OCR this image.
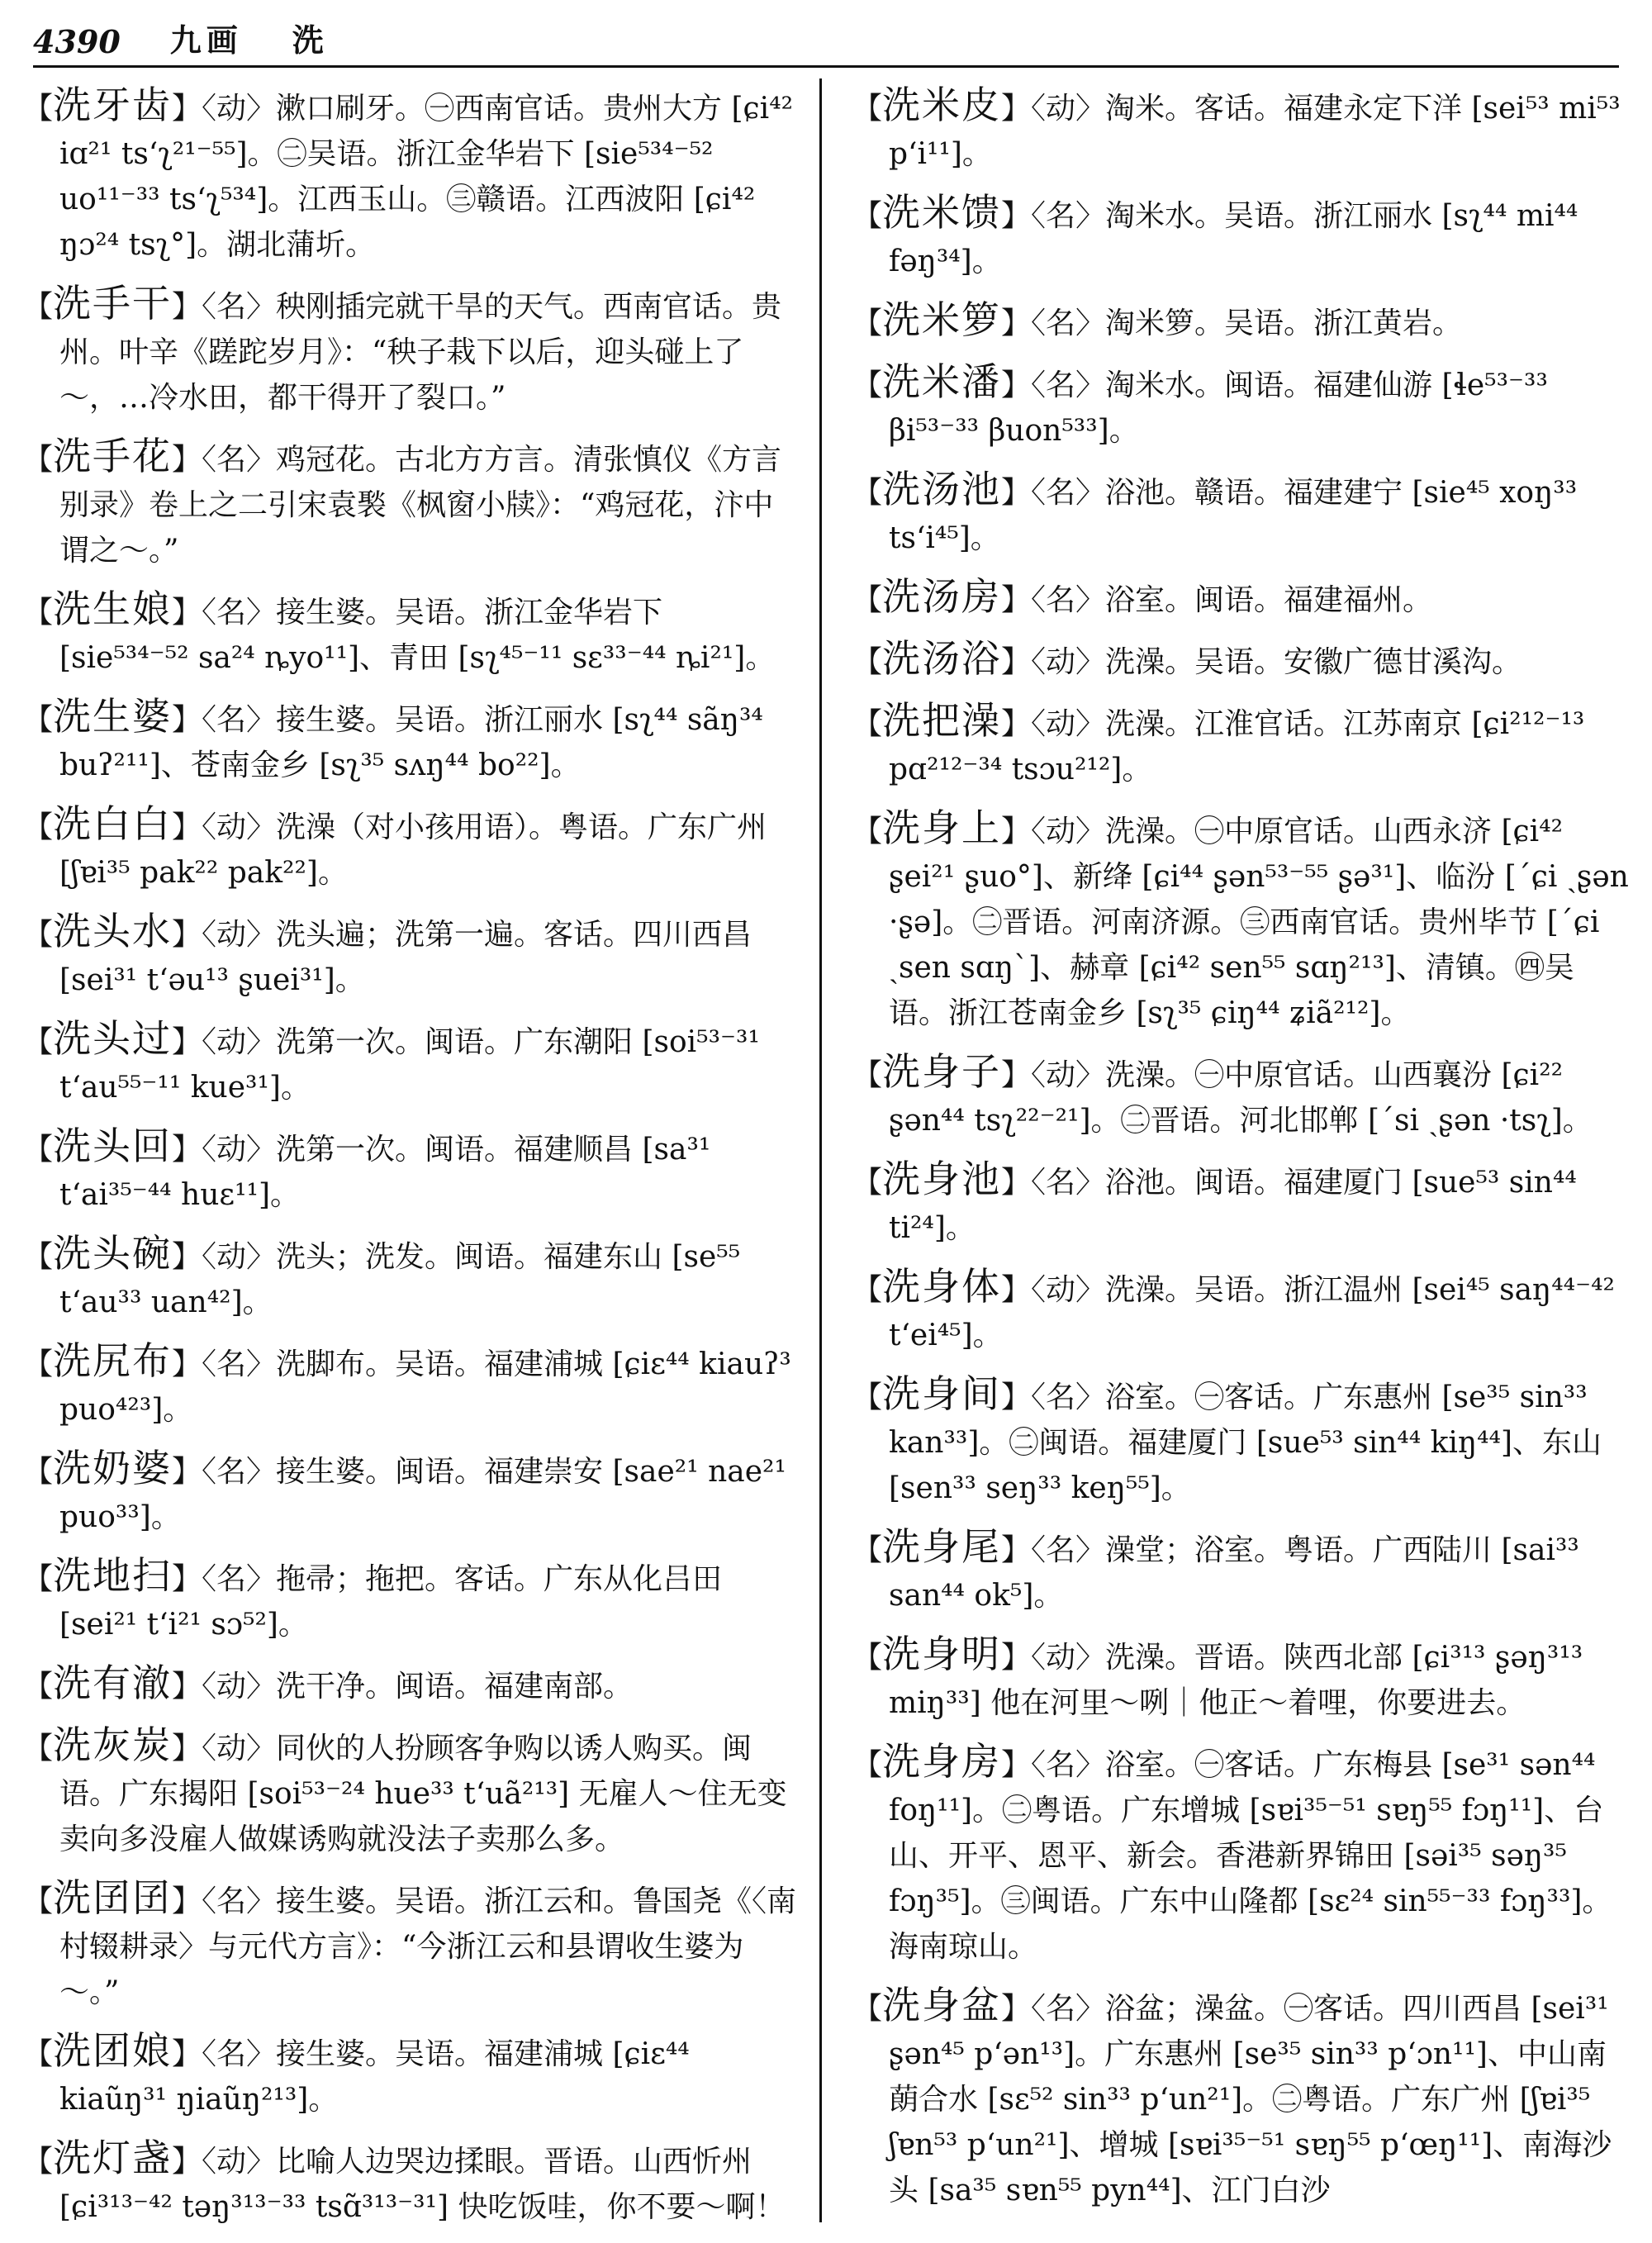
4390 九画 洗
【洗牙齿】〈动〉漱口刷牙。㊀西南官话。贵州大方 [ɕi⁴² iɑ²¹ tsʻʅ²¹⁻⁵⁵]。㊁吴语。浙江金华岩下 [sie⁵³⁴⁻⁵² uo¹¹⁻³³ tsʻʅ⁵³⁴]。江西玉山。㊂赣语。江西波阳 [ɕi⁴² ŋɔ²⁴ tsʅ°]。湖北蒲圻。
【洗手干】〈名〉秧刚插完就干旱的天气。西南官话。贵州。叶辛《蹉跎岁月》：“秧子栽下以后，迎头碰上了～，…冷水田，都干得开了裂口。”
【洗手花】〈名〉鸡冠花。古北方方言。清张慎仪《方言别录》卷上之二引宋袁褧《枫窗小牍》：“鸡冠花，汴中谓之～。”
【洗生娘】〈名〉接生婆。吴语。浙江金华岩下 [sie⁵³⁴⁻⁵² sa²⁴ ȵyo¹¹]、青田 [sʅ⁴⁵⁻¹¹ sɛ³³⁻⁴⁴ ȵi²¹]。
【洗生婆】〈名〉接生婆。吴语。浙江丽水 [sʅ⁴⁴ sãŋ³⁴ buʔ²¹¹]、苍南金乡 [sʅ³⁵ sʌŋ⁴⁴ bo²²]。
【洗白白】〈动〉洗澡（对小孩用语）。粤语。广东广州 [ʃɐi³⁵ pak²² pak²²]。
【洗头水】〈动〉洗头遍；洗第一遍。客话。四川西昌 [sei³¹ tʻəu¹³ ʂuei³¹]。
【洗头过】〈动〉洗第一次。闽语。广东潮阳 [soi⁵³⁻³¹ tʻau⁵⁵⁻¹¹ kue³¹]。
【洗头回】〈动〉洗第一次。闽语。福建顺昌 [sa³¹ tʻai³⁵⁻⁴⁴ huɛ¹¹]。
【洗头碗】〈动〉洗头；洗发。闽语。福建东山 [se⁵⁵ tʻau³³ uan⁴²]。
【洗尻布】〈名〉洗脚布。吴语。福建浦城 [ɕiɛ⁴⁴ kiauʔ³ puo⁴²³]。
【洗奶婆】〈名〉接生婆。闽语。福建崇安 [sae²¹ nae²¹ puo³³]。
【洗地扫】〈名〉拖帚；拖把。客话。广东从化吕田 [sei²¹ tʻi²¹ sɔ⁵²]。
【洗有澈】〈动〉洗干净。闽语。福建南部。
【洗灰炭】〈动〉同伙的人扮顾客争购以诱人购买。闽语。广东揭阳 [soi⁵³⁻²⁴ hue³³ tʻuã²¹³] 无雇人～住无变卖向多没雇人做媒诱购就没法子卖那么多。
【洗囝囝】〈名〉接生婆。吴语。浙江云和。鲁国尧《〈南村辍耕录〉与元代方言》：“今浙江云和县谓收生婆为～。”
【洗团娘】〈名〉接生婆。吴语。福建浦城 [ɕiɛ⁴⁴ kiaũŋ³¹ ŋiaũŋ²¹³]。
【洗灯盏】〈动〉比喻人边哭边揉眼。晋语。山西忻州 [ɕi³¹³⁻⁴² təŋ³¹³⁻³³ tsɑ̃³¹³⁻³¹] 快吃饭哇，你不要～啊！
【洗米皮】〈动〉淘米。客话。福建永定下洋 [sei⁵³ mi⁵³ pʻi¹¹]。
【洗米馈】〈名〉淘米水。吴语。浙江丽水 [sʅ⁴⁴ mi⁴⁴ fəŋ³⁴]。
【洗米箩】〈名〉淘米箩。吴语。浙江黄岩。
【洗米潘】〈名〉淘米水。闽语。福建仙游 [ɬe⁵³⁻³³ βi⁵³⁻³³ βuon⁵³³]。
【洗汤池】〈名〉浴池。赣语。福建建宁 [sie⁴⁵ xoŋ³³ tsʻi⁴⁵]。
【洗汤房】〈名〉浴室。闽语。福建福州。
【洗汤浴】〈动〉洗澡。吴语。安徽广德甘溪沟。
【洗把澡】〈动〉洗澡。江淮官话。江苏南京 [ɕi²¹²⁻¹³ pɑ²¹²⁻³⁴ tsɔu²¹²]。
【洗身上】〈动〉洗澡。㊀中原官话。山西永济 [ɕi⁴² ʂei²¹ ʂuo°]、新绛 [ɕi⁴⁴ ʂən⁵³⁻⁵⁵ ʂə³¹]、临汾 [ˊɕi ˏʂən ·ʂə]。㊁晋语。河南济源。㊂西南官话。贵州毕节 [ˊɕi ˏsen sɑŋˋ]、赫章 [ɕi⁴² sen⁵⁵ sɑŋ²¹³]、清镇。㊃吴语。浙江苍南金乡 [sʅ³⁵ ɕiŋ⁴⁴ ʑiã²¹²]。
【洗身子】〈动〉洗澡。㊀中原官话。山西襄汾 [ɕi²² ʂən⁴⁴ tsʅ²²⁻²¹]。㊁晋语。河北邯郸 [ˊsi ˏʂən ·tsʅ]。
【洗身池】〈名〉浴池。闽语。福建厦门 [sue⁵³ sin⁴⁴ ti²⁴]。
【洗身体】〈动〉洗澡。吴语。浙江温州 [sei⁴⁵ saŋ⁴⁴⁻⁴² tʻei⁴⁵]。
【洗身间】〈名〉浴室。㊀客话。广东惠州 [se³⁵ sin³³ kan³³]。㊁闽语。福建厦门 [sue⁵³ sin⁴⁴ kiŋ⁴⁴]、东山 [sen³³ seŋ³³ keŋ⁵⁵]。
【洗身尾】〈名〉澡堂；浴室。粤语。广西陆川 [sai³³ san⁴⁴ ok⁵]。
【洗身明】〈动〉洗澡。晋语。陕西北部 [ɕi³¹³ ʂəŋ³¹³ miŋ³³] 他在河里～咧｜他正～着哩，你要进去。
【洗身房】〈名〉浴室。㊀客话。广东梅县 [se³¹ sən⁴⁴ foŋ¹¹]。㊁粤语。广东增城 [sɐi³⁵⁻⁵¹ sɐŋ⁵⁵ fɔŋ¹¹]、台山、开平、恩平、新会。香港新界锦田 [səi³⁵ səŋ³⁵ fɔŋ³⁵]。㊂闽语。广东中山隆都 [sɛ²⁴ sin⁵⁵⁻³³ fɔŋ³³]。海南琼山。
【洗身盆】〈名〉浴盆；澡盆。㊀客话。四川西昌 [sei³¹ ʂən⁴⁵ pʻən¹³]。广东惠州 [se³⁵ sin³³ pʻɔn¹¹]、中山南蓢合水 [sɛ⁵² sin³³ pʻun²¹]。㊁粤语。广东广州 [ʃɐi³⁵ ʃɐn⁵³ pʻun²¹]、增城 [sɐi³⁵⁻⁵¹ sɐŋ⁵⁵ pʻœŋ¹¹]、南海沙头 [sa³⁵ sɐn⁵⁵ pyn⁴⁴]、江门白沙
